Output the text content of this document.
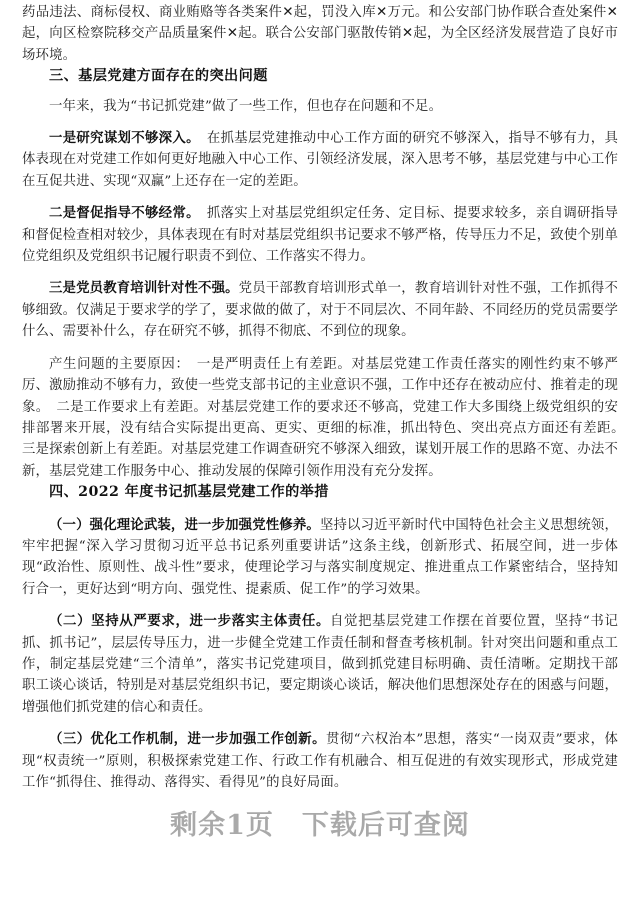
药品违法、商标侵权、商业贿赂等各类案件✕起，罚没入库✕万元。和公安部门协作联合查处案件✕起，向区检察院移交产品质量案件✕起。联合公安部门驱散传销✕起，为全区经济发展营造了良好市场环境。

三、基层党建方面存在的突出问题

一年来，我为“书记抓党建”做了一些工作，但也存在问题和不足。

一是研究谋划不够深入。　在抓基层党建推动中心工作方面的研究不够深入，指导不够有力，具体表现在对党建工作如何更好地融入中心工作、引领经济发展，深入思考不够，基层党建与中心工作在互促共进、实现“双赢”上还存在一定的差距。

二是督促指导不够经常。　抓落实上对基层党组织定任务、定目标、提要求较多，亲自调研指导和督促检查相对较少，具体表现在有时对基层党组织书记要求不够严格，传导压力不足，致使个别单位党组织及党组织书记履行职责不到位、工作落实不得力。

三是党员教育培训针对性不强。党员干部教育培训形式单一，教育培训针对性不强，工作抓得不够细致。仅满足于要求学的学了，要求做的做了，对于不同层次、不同年龄、不同经历的党员需要学什么、需要补什么，存在研究不够，抓得不彻底、不到位的现象。

产生问题的主要原因：　一是严明责任上有差距。对基层党建工作责任落实的刚性约束不够严厉、激励推动不够有力，致使一些党支部书记的主业意识不强，工作中还存在被动应付、推着走的现象。　二是工作要求上有差距。对基层党建工作的要求还不够高，党建工作大多围绕上级党组织的安排部署来开展，没有结合实际提出更高、更实、更细的标准，抓出特色、突出亮点方面还有差距。　三是探索创新上有差距。对基层党建工作调查研究不够深入细致，谋划开展工作的思路不宽、办法不新，基层党建工作服务中心、推动发展的保障引领作用没有充分发挥。

四、2022 年度书记抓基层党建工作的举措

（一）强化理论武装，进一步加强党性修养。坚持以习近平新时代中国特色社会主义思想统领，牢牢把握“深入学习贯彻习近平总书记系列重要讲话”这条主线，创新形式、拓展空间，进一步体现“政治性、原则性、战斗性”要求，使理论学习与落实制度规定、推进重点工作紧密结合，坚持知行合一，更好达到“明方向、强党性、提素质、促工作”的学习效果。

（二）坚持从严要求，进一步落实主体责任。自觉把基层党建工作摆在首要位置，坚持“书记抓、抓书记”，层层传导压力，进一步健全党建工作责任制和督查考核机制。针对突出问题和重点工作，制定基层党建“三个清单”，落实书记党建项目，做到抓党建目标明确、责任清晰。定期找干部职工谈心谈话，特别是对基层党组织书记，要定期谈心谈话，解决他们思想深处存在的困惑与问题，增强他们抓党建的信心和责任。

（三）优化工作机制，进一步加强工作创新。贯彻“六权治本”思想，落实“一岗双责”要求，体现“权责统一”原则，积极探索党建工作、行政工作有机融合、相互促进的有效实现形式，形成党建工作“抓得住、推得动、落得实、看得见”的良好局面。

剩余1页　下载后可查阅
